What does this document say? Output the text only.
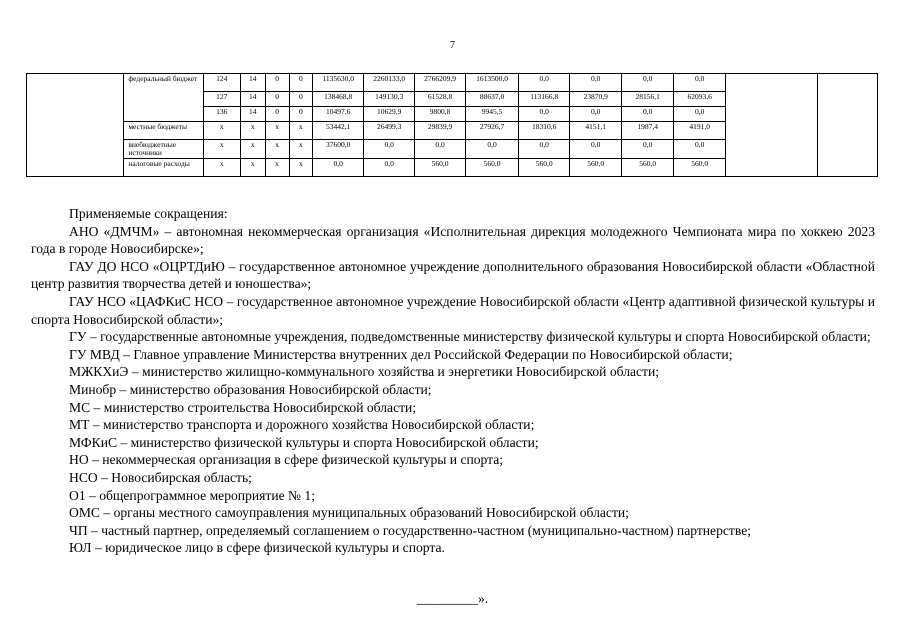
7
	федеральный бюджет	124	14	0	0	1135630,0	2260133,0	2766209,9	1613500,0	0,0	0,0	0,0	0,0		
		127	14	0	0	138468,8	149130,3	61528,8	88637,0	113166,8	23870,9	28156,1	62093,6		
		136	14	0	0	10497,6	10629,9	9800,8	9945,5	0,0	0,0	0,0	0,0		
	местные бюджеты	x	x	x	x	53442,1	26499,3	29839,9	27926,7	18310,6	4151,1	1987,4	4191,0		
	внебюджетные источники	x	x	x	x	37600,0	0,0	0,0	0,0	0,0	0,0	0,0	0,0		
	налоговые расходы	x	x	x	x	0,0	0,0	560,0	560,0	560,0	560,0	560,0	560,0		

Применяемые сокращения:

АНО «ДМЧМ» – автономная некоммерческая организация «Исполнительная дирекция молодежного Чемпионата мира по хоккею 2023 года в городе Новосибирске»;

ГАУ ДО НСО «ОЦРТДиЮ – государственное автономное учреждение дополнительного образования Новосибирской области «Областной центр развития творчества детей и юношества»;

ГАУ НСО «ЦАФКиС НСО – государственное автономное учреждение Новосибирской области «Центр адаптивной физической культуры и спорта Новосибирской области»;

ГУ – государственные автономные учреждения, подведомственные министерству физической культуры и спорта Новосибирской области;

ГУ МВД – Главное управление Министерства внутренних дел Российской Федерации по Новосибирской области;

МЖКХиЭ – министерство жилищно-коммунального хозяйства и энергетики Новосибирской области;

Минобр – министерство образования Новосибирской области;

МС – министерство строительства Новосибирской области;

МТ – министерство транспорта и дорожного хозяйства Новосибирской области;

МФКиС – министерство физической культуры и спорта Новосибирской области;

НО – некоммерческая организация в сфере физической культуры и спорта;

НСО – Новосибирская область;

О1 – общепрограммное мероприятие № 1;

ОМС – органы местного самоуправления муниципальных образований Новосибирской области;

ЧП – частный партнер, определяемый соглашением о государственно-частном (муниципально-частном) партнерстве;

ЮЛ – юридическое лицо в сфере физической культуры и спорта.

_________».
